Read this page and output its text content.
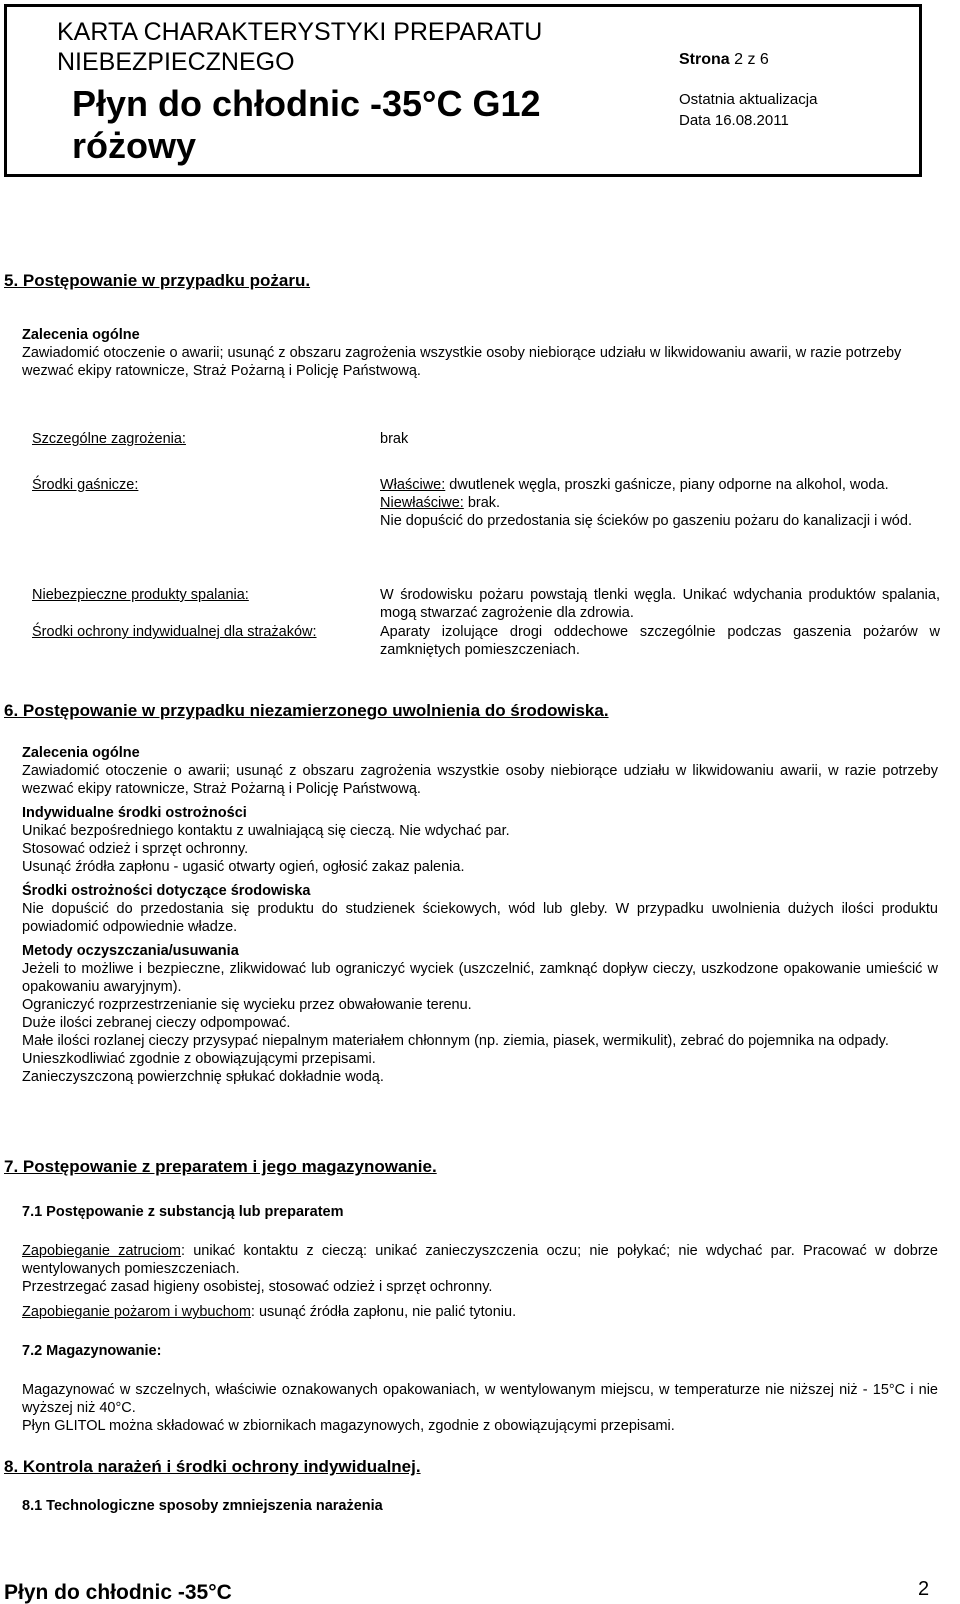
KARTA CHARAKTERYSTYKI PREPARATU
NIEBEZPIECZNEGO
Płyn do chłodnic -35°C G12
różowy
Strona 2 z 6
Ostatnia aktualizacja
Data 16.08.2011
5. Postępowanie w przypadku pożaru.

Zalecenia ogólne

Zawiadomić otoczenie o awarii; usunąć z obszaru zagrożenia wszystkie osoby niebiorące udziału w likwidowaniu awarii, w razie potrzeby wezwać ekipy ratownicze, Straż Pożarną i Policję Państwową.

Szczególne zagrożenia:	brak
Środki gaśnicze:	Właściwe: dwutlenek węgla, proszki gaśnicze, piany odporne na alkohol, woda.

Niewłaściwe: brak.

Nie dopuścić do przedostania się ścieków po gaszeniu pożaru do kanalizacji i wód.

Niebezpieczne produkty spalania:	W środowisku pożaru powstają tlenki węgla. Unikać wdychania produktów spalania, mogą stwarzać zagrożenie dla zdrowia.
Środki ochrony indywidualnej dla strażaków:	Aparaty izolujące drogi oddechowe szczególnie podczas gaszenia pożarów w zamkniętych pomieszczeniach.
6. Postępowanie w przypadku niezamierzonego uwolnienia do środowiska.

Zalecenia ogólne

Zawiadomić otoczenie o awarii; usunąć z obszaru zagrożenia wszystkie osoby niebiorące udziału w likwidowaniu awarii, w razie potrzeby wezwać ekipy ratownicze, Straż Pożarną i Policję Państwową.

Indywidualne środki ostrożności

Unikać bezpośredniego kontaktu z uwalniającą się cieczą. Nie wdychać par.

Stosować odzież i sprzęt ochronny.

Usunąć źródła zapłonu - ugasić otwarty ogień, ogłosić zakaz palenia.

Środki ostrożności dotyczące środowiska

Nie dopuścić do przedostania się produktu do studzienek ściekowych, wód lub gleby. W przypadku uwolnienia dużych ilości produktu powiadomić odpowiednie władze.

Metody oczyszczania/usuwania

Jeżeli to możliwe i bezpieczne, zlikwidować lub ograniczyć wyciek (uszczelnić, zamknąć dopływ cieczy, uszkodzone opakowanie umieścić w opakowaniu awaryjnym).

Ograniczyć rozprzestrzenianie się wycieku przez obwałowanie terenu.

Duże ilości zebranej cieczy odpompować.

Małe ilości rozlanej cieczy przysypać niepalnym materiałem chłonnym (np. ziemia, piasek, wermikulit), zebrać do pojemnika na odpady.

Unieszkodliwiać zgodnie z obowiązującymi przepisami.

Zanieczyszczoną powierzchnię spłukać dokładnie wodą.

7. Postępowanie z preparatem i jego magazynowanie.
7.1 Postępowanie z substancją lub preparatem

Zapobieganie zatruciom: unikać kontaktu z cieczą: unikać zanieczyszczenia oczu; nie połykać; nie wdychać par. Pracować w dobrze wentylowanych pomieszczeniach.

Przestrzegać zasad higieny osobistej, stosować odzież i sprzęt ochronny.

Zapobieganie pożarom i wybuchom: usunąć źródła zapłonu, nie palić tytoniu.

7.2 Magazynowanie:

Magazynować w szczelnych, właściwie oznakowanych opakowaniach, w wentylowanym miejscu, w temperaturze nie niższej niż - 15°C i nie wyższej niż 40°C.

Płyn GLITOL można składować w zbiornikach magazynowych, zgodnie z obowiązującymi przepisami.

8. Kontrola narażeń i środki ochrony indywidualnej.
8.1 Technologiczne sposoby zmniejszenia narażenia
Płyn do chłodnic -35°C	2
